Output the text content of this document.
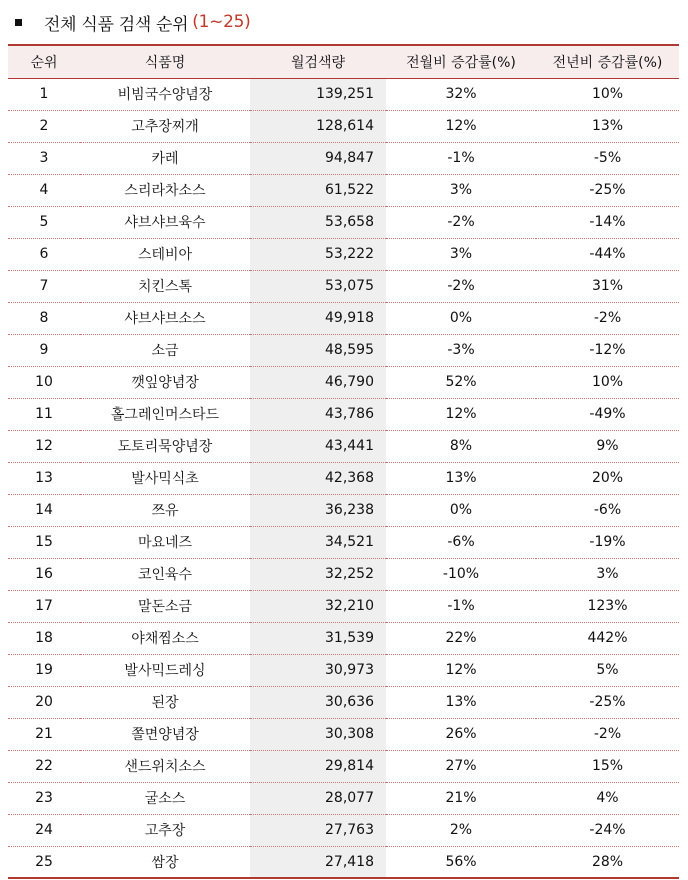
전체 식품 검색 순위 (1~25)
순위	식품명	월검색량	전월비 증감률(%)	전년비 증감률(%)
1	비빔국수양념장	139,251	32%	10%
2	고추장찌개	128,614	12%	13%
3	카레	94,847	-1%	-5%
4	스리라차소스	61,522	3%	-25%
5	샤브샤브육수	53,658	-2%	-14%
6	스테비아	53,222	3%	-44%
7	치킨스톡	53,075	-2%	31%
8	샤브샤브소스	49,918	0%	-2%
9	소금	48,595	-3%	-12%
10	깻잎양념장	46,790	52%	10%
11	홀그레인머스타드	43,786	12%	-49%
12	도토리묵양념장	43,441	8%	9%
13	발사믹식초	42,368	13%	20%
14	쯔유	36,238	0%	-6%
15	마요네즈	34,521	-6%	-19%
16	코인육수	32,252	-10%	3%
17	말돈소금	32,210	-1%	123%
18	야채찜소스	31,539	22%	442%
19	발사믹드레싱	30,973	12%	5%
20	된장	30,636	13%	-25%
21	쫄면양념장	30,308	26%	-2%
22	샌드위치소스	29,814	27%	15%
23	굴소스	28,077	21%	4%
24	고추장	27,763	2%	-24%
25	쌈장	27,418	56%	28%
